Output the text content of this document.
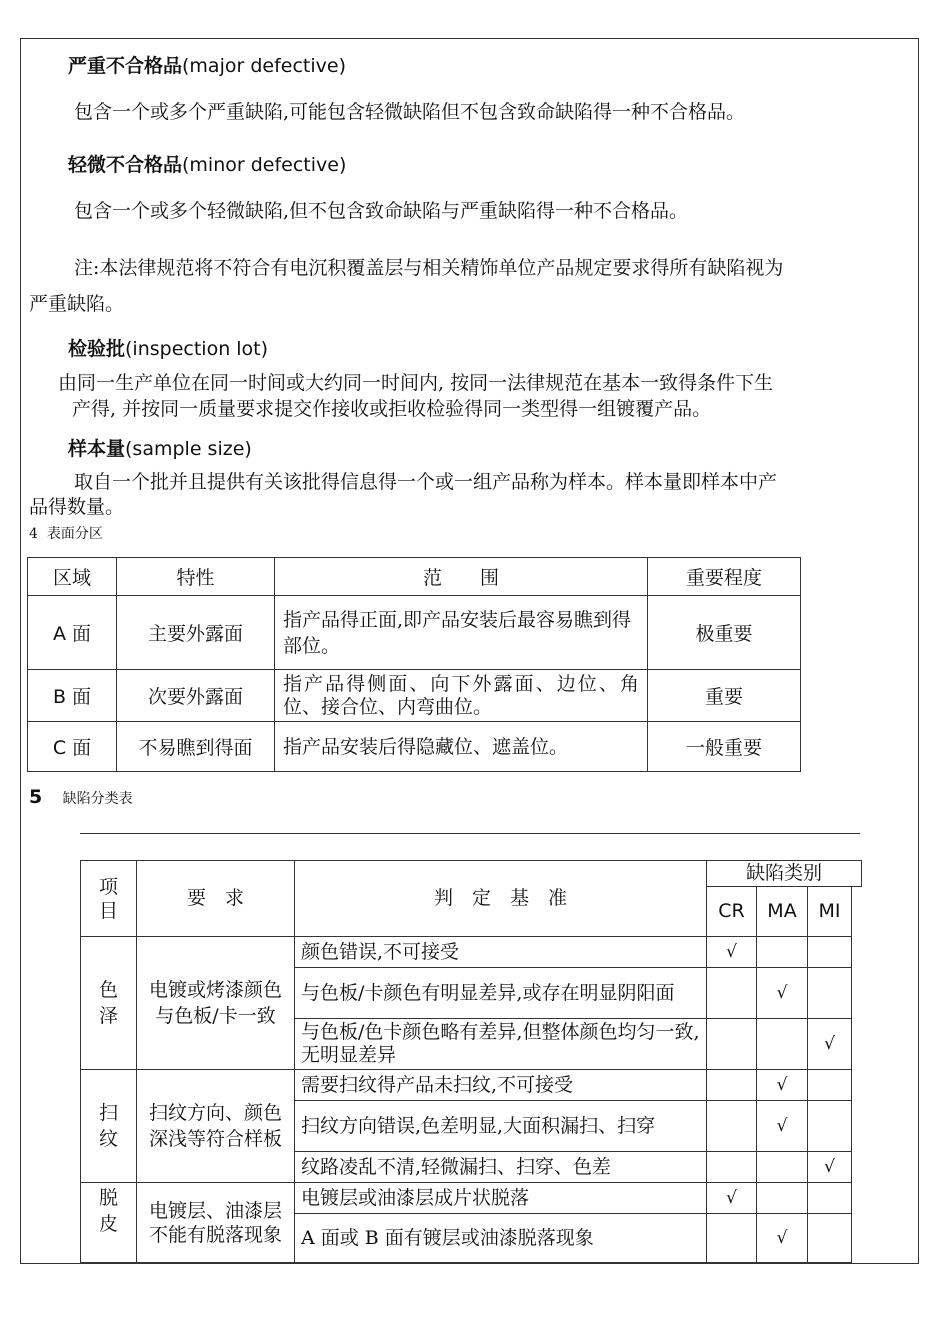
严重不合格品(major defective)
包含一个或多个严重缺陷,可能包含轻微缺陷但不包含致命缺陷得一种不合格品。
轻微不合格品(minor defective)
包含一个或多个轻微缺陷,但不包含致命缺陷与严重缺陷得一种不合格品。
注:本法律规范将不符合有电沉积覆盖层与相关精饰单位产品规定要求得所有缺陷视为
严重缺陷。
检验批(inspection lot)
由同一生产单位在同一时间或大约同一时间内, 按同一法律规范在基本一致得条件下生
产得, 并按同一质量要求提交作接收或拒收检验得同一类型得一组镀覆产品。
样本量(sample size)
取自一个批并且提供有关该批得信息得一个或一组产品称为样本。样本量即样本中产
品得数量。
4 表面分区
区域	特性	范　　围	重要程度
A 面	主要外露面	指产品得正面,即产品安装后最容易瞧到得部位。	极重要
B 面	次要外露面	指产品得侧面、向下外露面、边位、角位、接合位、内弯曲位。	重要
C 面	不易瞧到得面	指产品安装后得隐藏位、遮盖位。	一般重要
5 缺陷分类表
项目	要　求	判　定　基　准	缺陷类别			
			CR	MA	MI	
色泽	电镀或烤漆颜色与色板/卡一致	颜色错误,不可接受	√			
		与色板/卡颜色有明显差异,或存在明显阴阳面		√		
		与色板/色卡颜色略有差异,但整体颜色均匀一致,无明显差异			√	
扫纹	扫纹方向、颜色深浅等符合样板	需要扫纹得产品未扫纹,不可接受		√		
		扫纹方向错误,色差明显,大面积漏扫、扫穿		√		
		纹路凌乱不清,轻微漏扫、扫穿、色差			√	
脱皮	电镀层、油漆层不能有脱落现象	电镀层或油漆层成片状脱落	√			
		A 面或 B 面有镀层或油漆脱落现象		√		
